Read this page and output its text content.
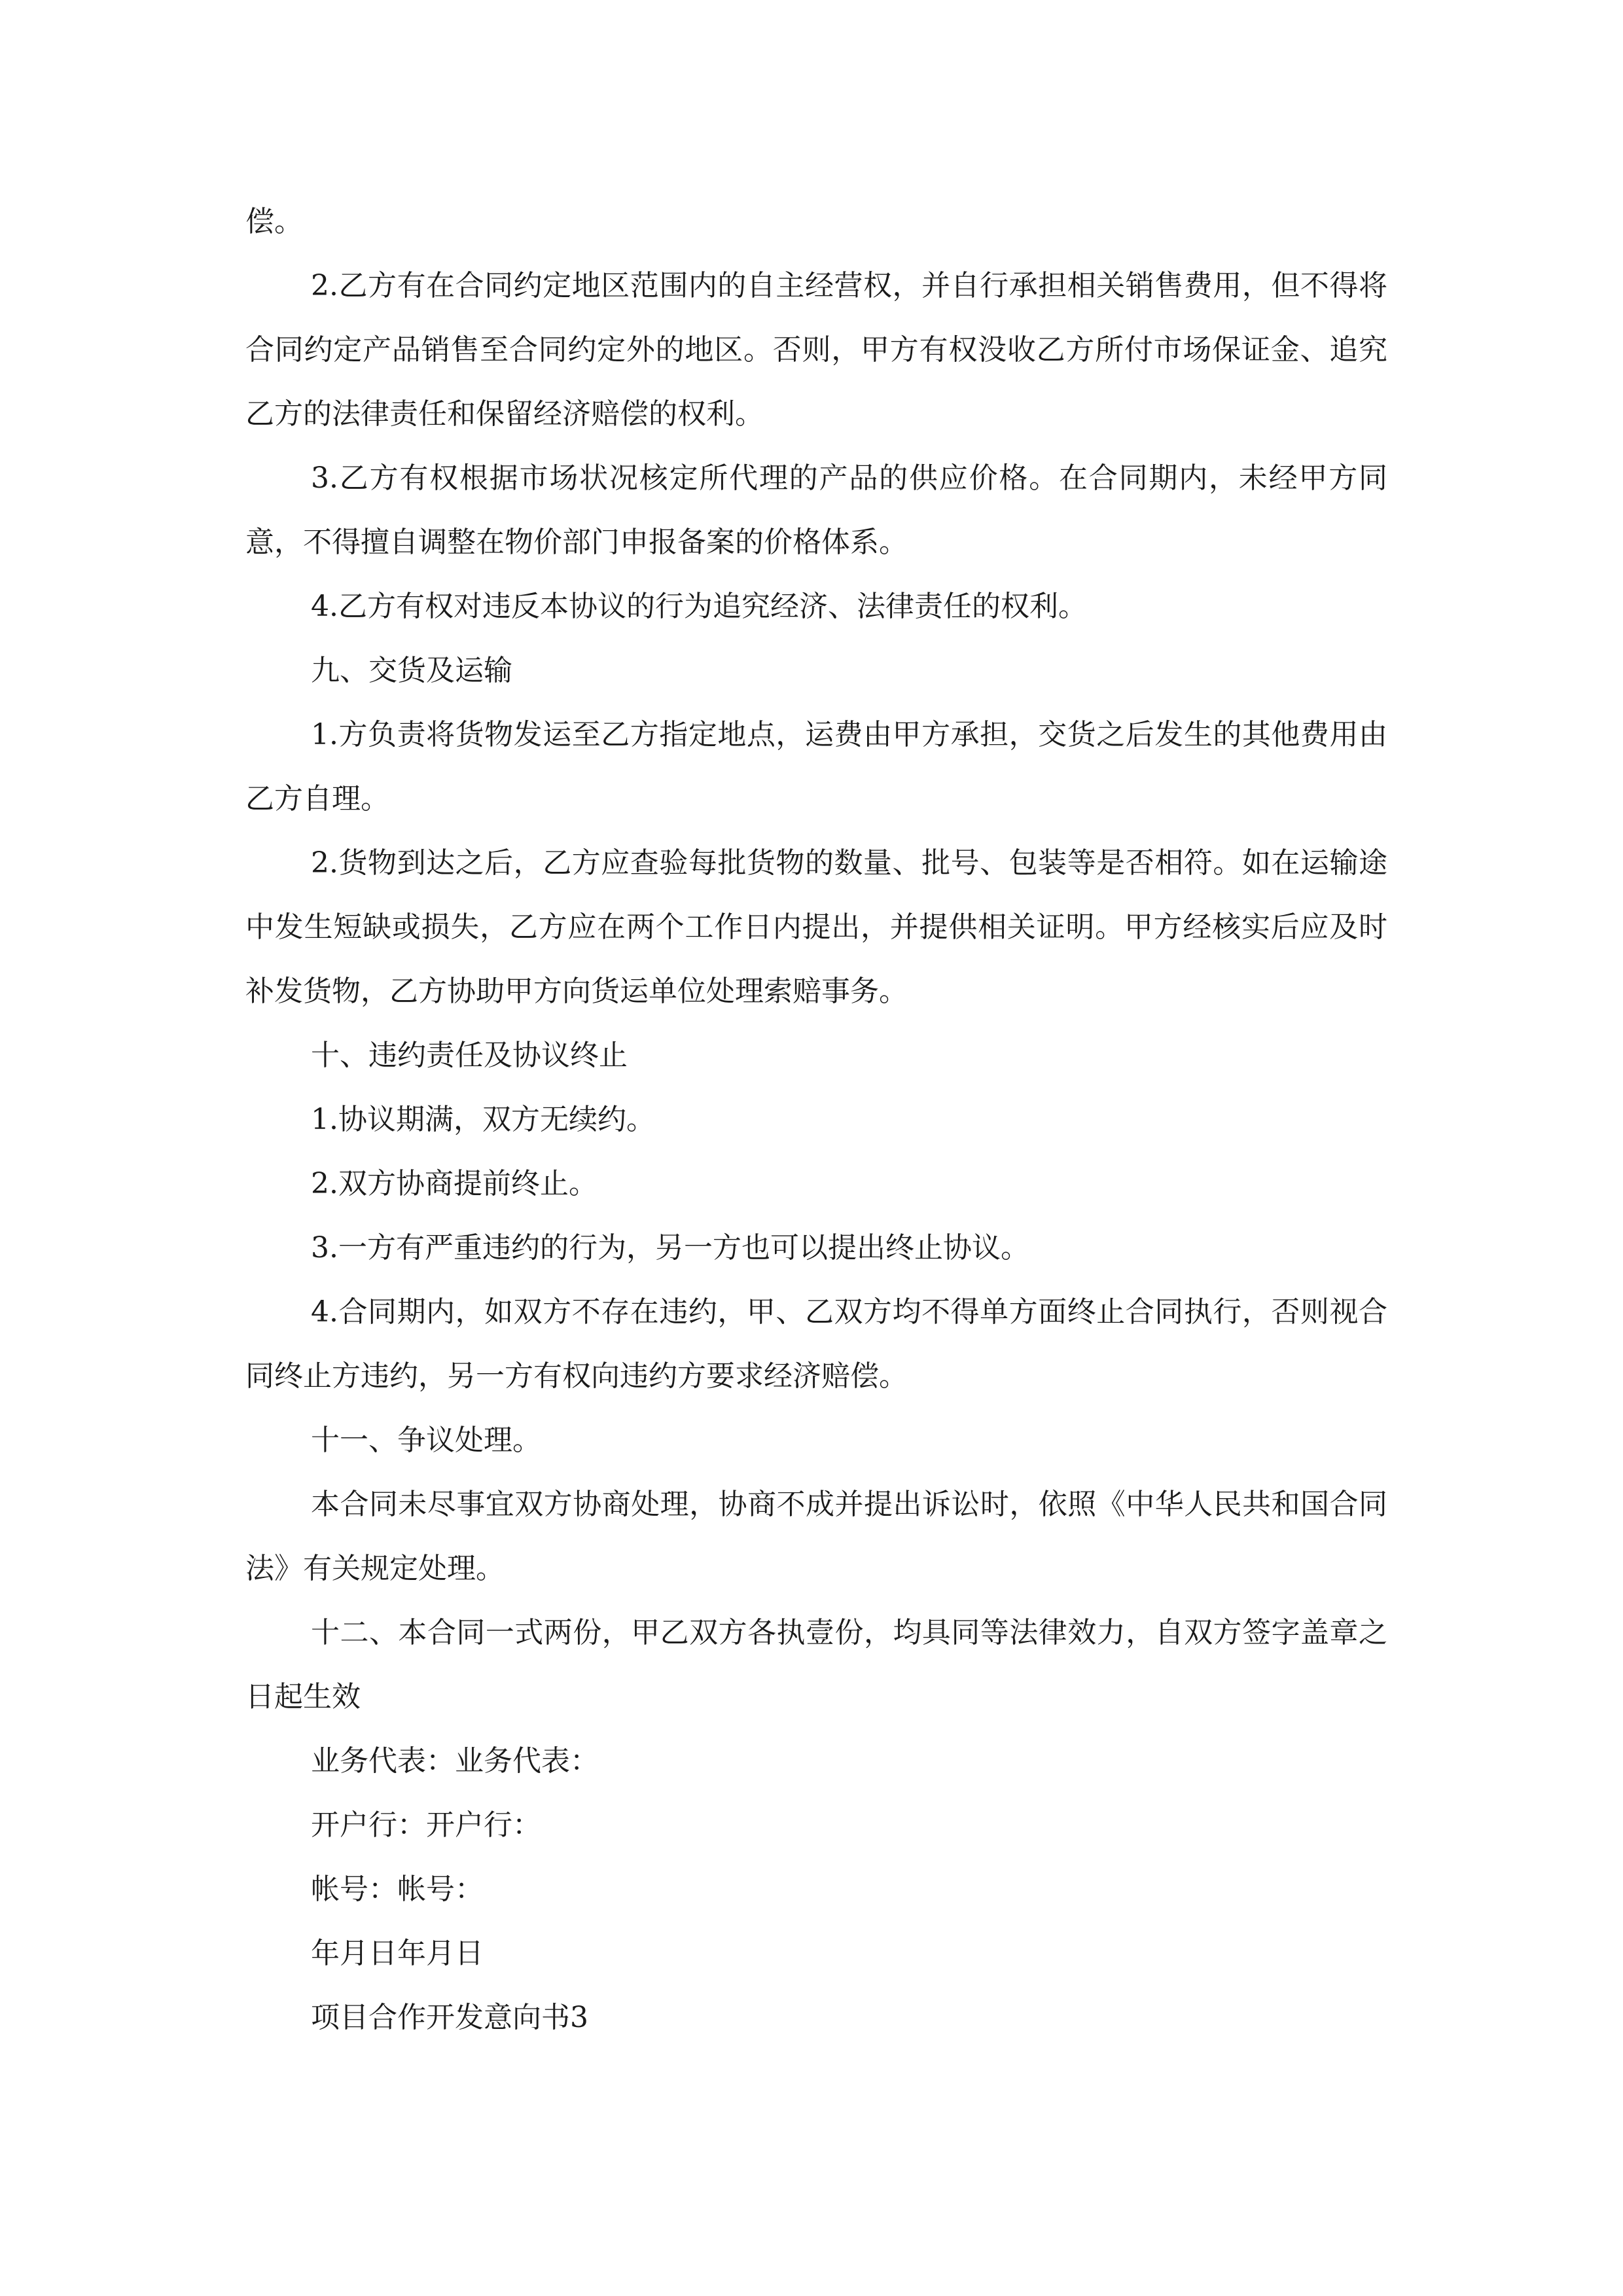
偿。

2.乙方有在合同约定地区范围内的自主经营权，并自行承担相关销售费用，但不得将合同约定产品销售至合同约定外的地区。否则，甲方有权没收乙方所付市场保证金、追究乙方的法律责任和保留经济赔偿的权利。

3.乙方有权根据市场状况核定所代理的产品的供应价格。在合同期内，未经甲方同意，不得擅自调整在物价部门申报备案的价格体系。

4.乙方有权对违反本协议的行为追究经济、法律责任的权利。

九、交货及运输

1.方负责将货物发运至乙方指定地点，运费由甲方承担，交货之后发生的其他费用由乙方自理。

2.货物到达之后，乙方应查验每批货物的数量、批号、包装等是否相符。如在运输途中发生短缺或损失，乙方应在两个工作日内提出，并提供相关证明。甲方经核实后应及时补发货物，乙方协助甲方向货运单位处理索赔事务。

十、违约责任及协议终止

1.协议期满，双方无续约。

2.双方协商提前终止。

3.一方有严重违约的行为，另一方也可以提出终止协议。

4.合同期内，如双方不存在违约，甲、乙双方均不得单方面终止合同执行，否则视合同终止方违约，另一方有权向违约方要求经济赔偿。

十一、争议处理。

本合同未尽事宜双方协商处理，协商不成并提出诉讼时，依照《中华人民共和国合同法》有关规定处理。

十二、本合同一式两份，甲乙双方各执壹份，均具同等法律效力，自双方签字盖章之日起生效

业务代表：业务代表：

开户行：开户行：

帐号：帐号：

年月日年月日

项目合作开发意向书3
